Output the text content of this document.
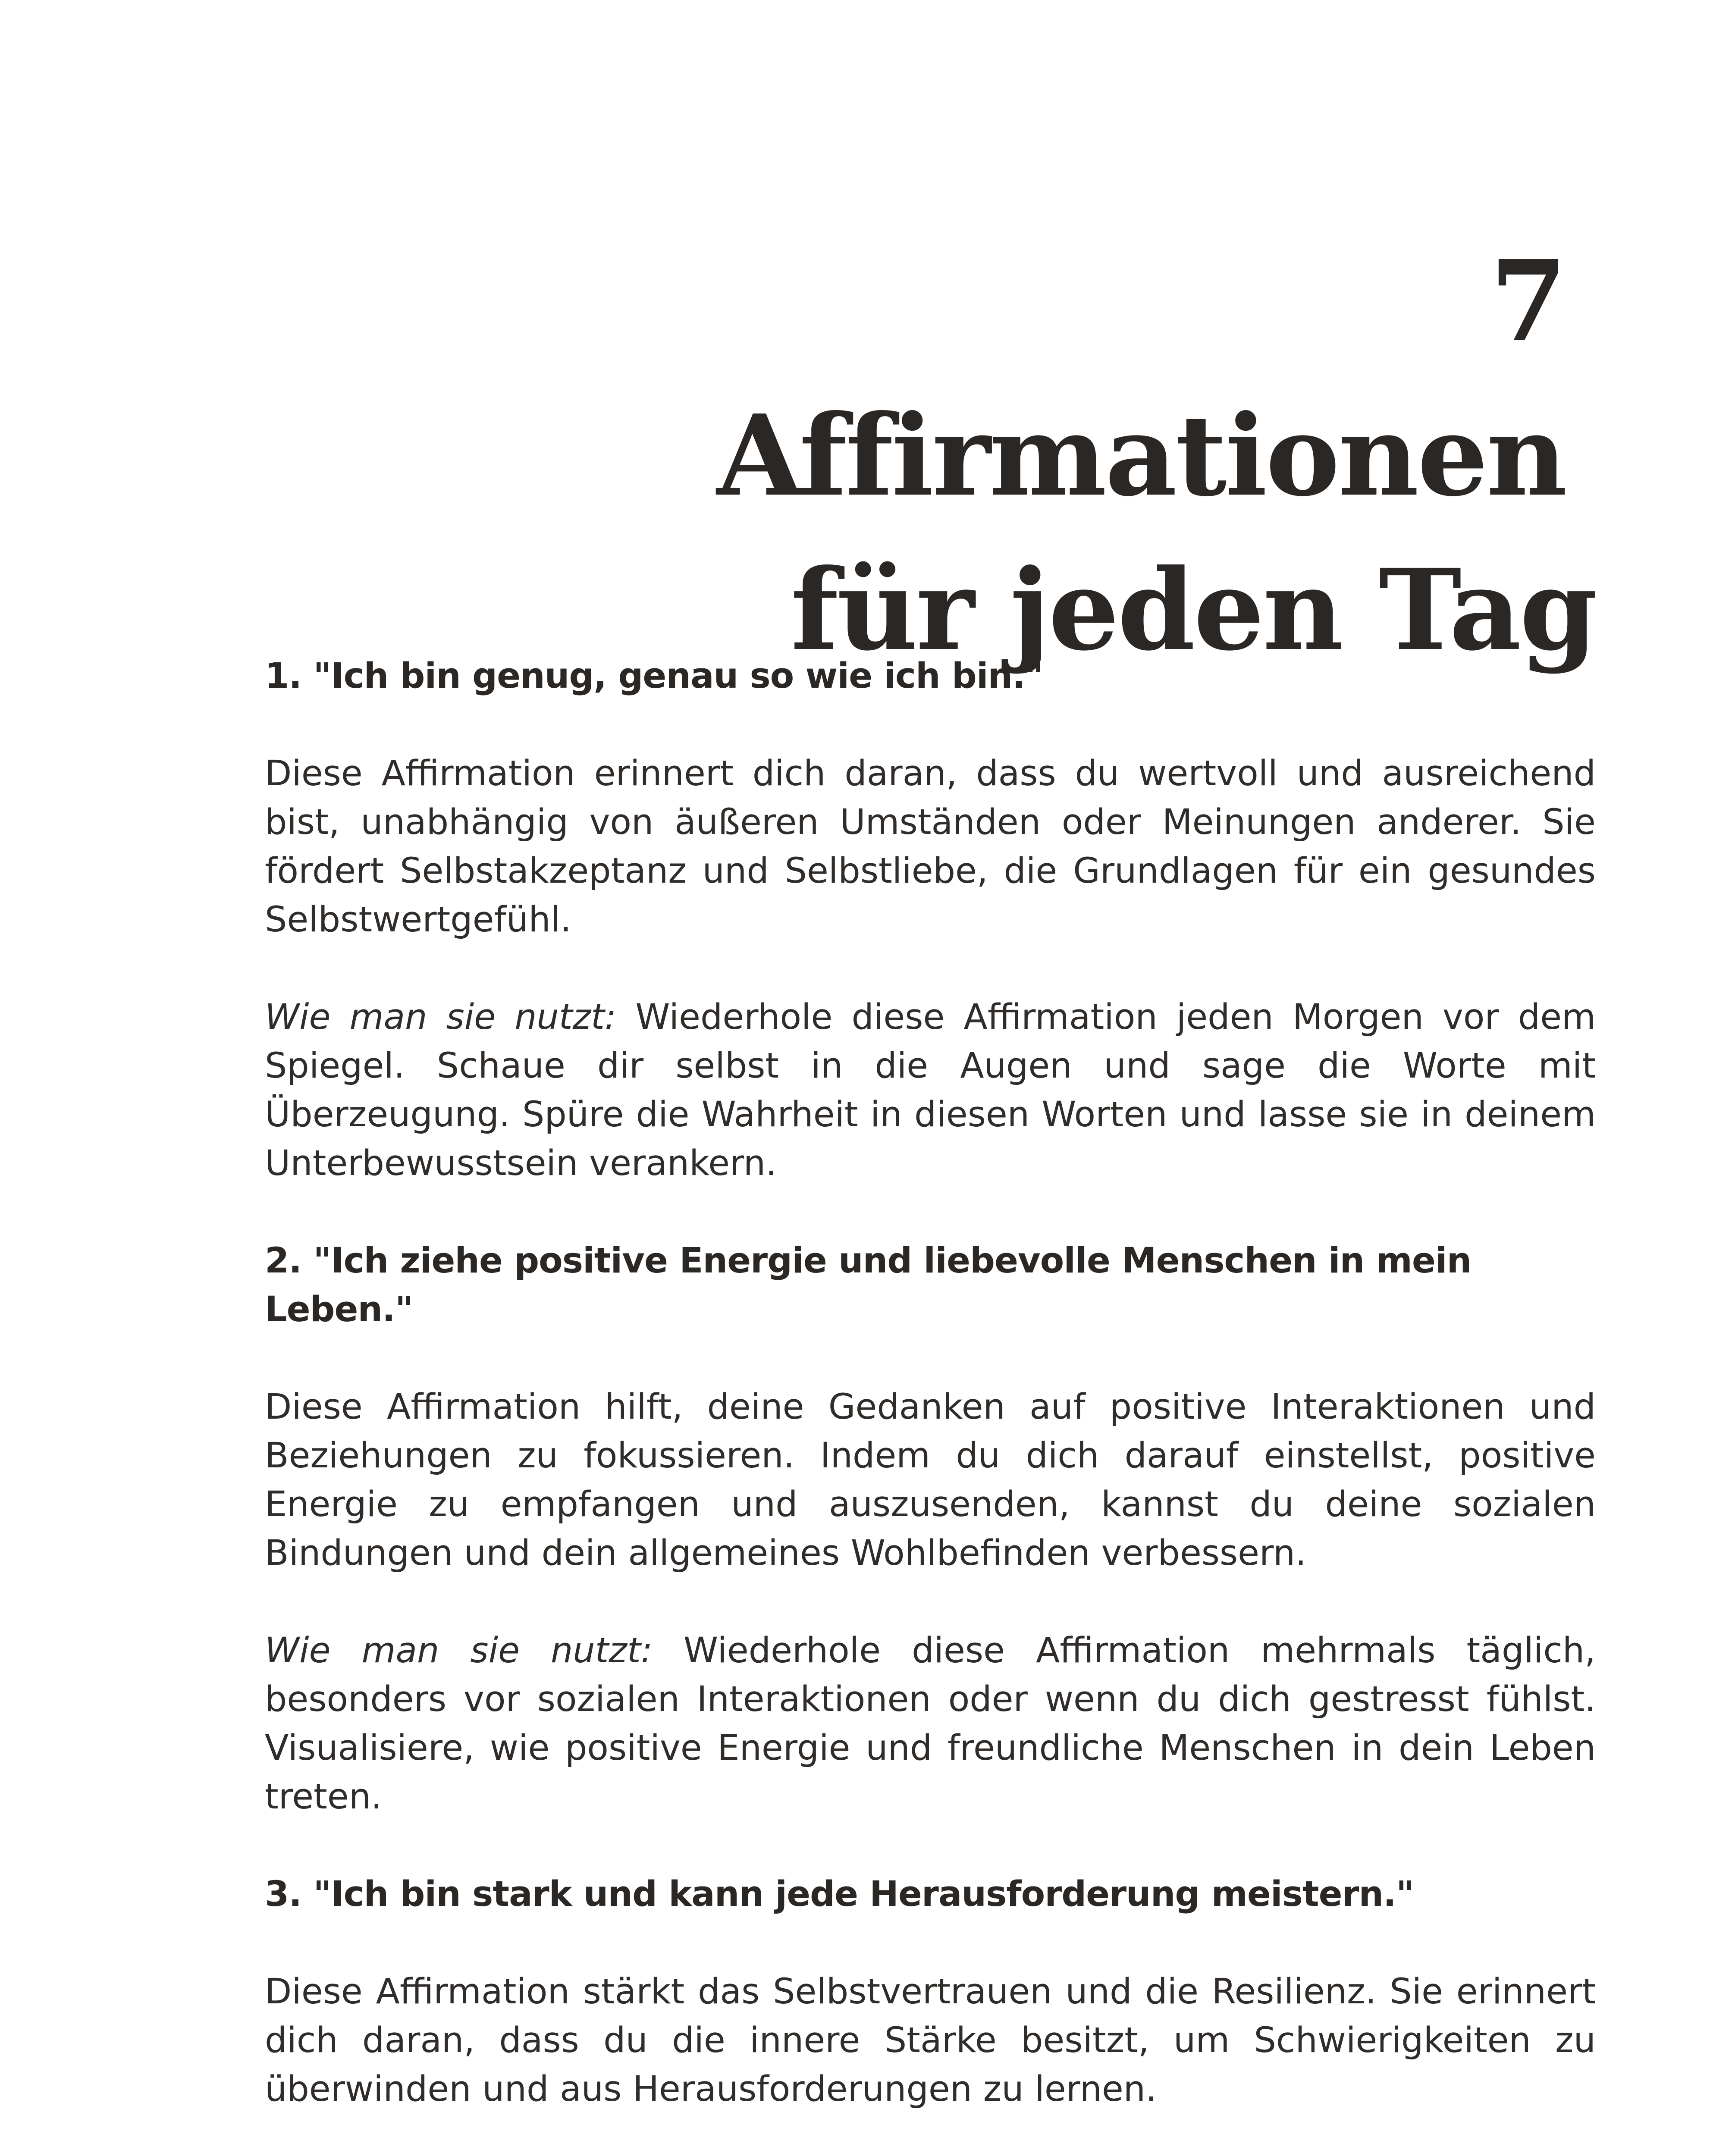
7 Affirmationen
für jeden Tag
1. "Ich bin genug, genau so wie ich bin."

Diese Affirmation erinnert dich daran, dass du wertvoll und ausreichend bist, unabhängig von äußeren Umständen oder Meinungen anderer. Sie fördert Selbstakzeptanz und Selbstliebe, die Grundlagen für ein gesundes Selbstwertgefühl.

Wie man sie nutzt: Wiederhole diese Affirmation jeden Morgen vor dem Spiegel. Schaue dir selbst in die Augen und sage die Worte mit Überzeugung. Spüre die Wahrheit in diesen Worten und lasse sie in deinem Unterbewusstsein verankern.

2. "Ich ziehe positive Energie und liebevolle Menschen in mein Leben."

Diese Affirmation hilft, deine Gedanken auf positive Interaktionen und Beziehungen zu fokussieren. Indem du dich darauf einstellst, positive Energie zu empfangen und auszusenden, kannst du deine sozialen Bindungen und dein allgemeines Wohlbefinden verbessern.

Wie man sie nutzt: Wiederhole diese Affirmation mehrmals täglich, besonders vor sozialen Interaktionen oder wenn du dich gestresst fühlst. Visualisiere, wie positive Energie und freundliche Menschen in dein Leben treten.

3. "Ich bin stark und kann jede Herausforderung meistern."

Diese Affirmation stärkt das Selbstvertrauen und die Resilienz. Sie erinnert dich daran, dass du die innere Stärke besitzt, um Schwierigkeiten zu überwinden und aus Herausforderungen zu lernen.
